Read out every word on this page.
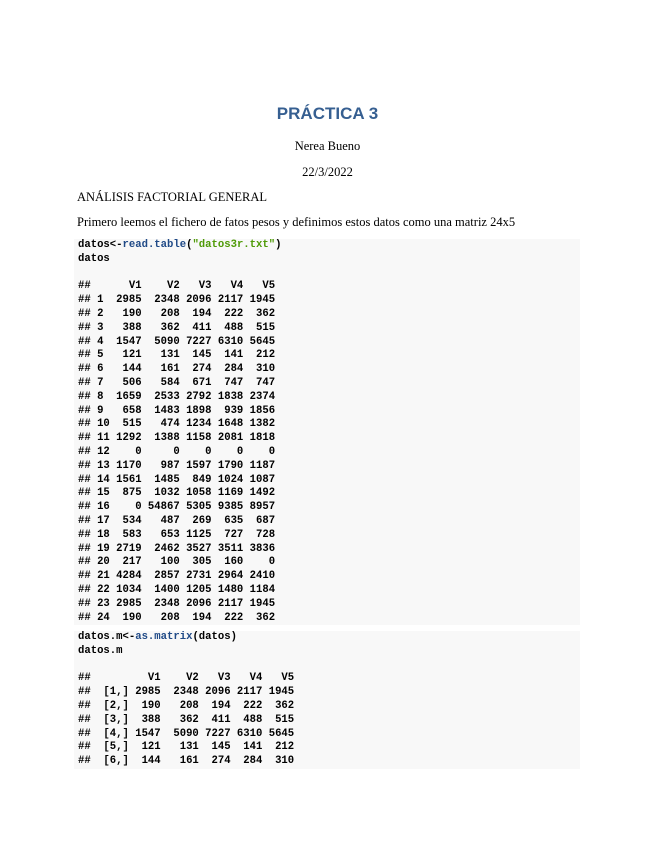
PRÁCTICA 3
Nerea Bueno
22/3/2022
ANÁLISIS FACTORIAL GENERAL
Primero leemos el fichero de fatos pesos y definimos estos datos como una matriz 24x5
datos<-read.table("datos3r.txt")
datos
##      V1    V2   V3   V4   V5
## 1  2985  2348 2096 2117 1945
## 2   190   208  194  222  362
## 3   388   362  411  488  515
## 4  1547  5090 7227 6310 5645
## 5   121   131  145  141  212
## 6   144   161  274  284  310
## 7   506   584  671  747  747
## 8  1659  2533 2792 1838 2374
## 9   658  1483 1898  939 1856
## 10  515   474 1234 1648 1382
## 11 1292  1388 1158 2081 1818
## 12    0     0    0    0    0
## 13 1170   987 1597 1790 1187
## 14 1561  1485  849 1024 1087
## 15  875  1032 1058 1169 1492
## 16    0 54867 5305 9385 8957
## 17  534   487  269  635  687
## 18  583   653 1125  727  728
## 19 2719  2462 3527 3511 3836
## 20  217   100  305  160    0
## 21 4284  2857 2731 2964 2410
## 22 1034  1400 1205 1480 1184
## 23 2985  2348 2096 2117 1945
## 24  190   208  194  222  362
datos.m<-as.matrix(datos)
datos.m
##         V1    V2   V3   V4   V5
##  [1,] 2985  2348 2096 2117 1945
##  [2,]  190   208  194  222  362
##  [3,]  388   362  411  488  515
##  [4,] 1547  5090 7227 6310 5645
##  [5,]  121   131  145  141  212
##  [6,]  144   161  274  284  310
